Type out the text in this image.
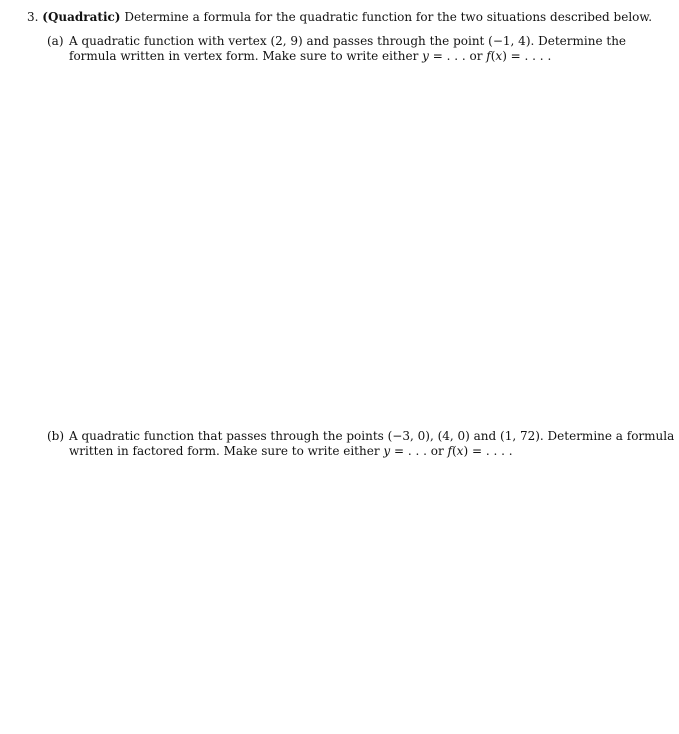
3. (Quadratic) Determine a formula for the quadratic function for the two situations described below.
(a) A quadratic function with vertex (2, 9) and passes through the point (−1, 4). Determine the
formula written in vertex form. Make sure to write either y = . . . or f(x) = . . . .
(b) A quadratic function that passes through the points (−3, 0), (4, 0) and (1, 72). Determine a formula
written in factored form. Make sure to write either y = . . . or f(x) = . . . .
